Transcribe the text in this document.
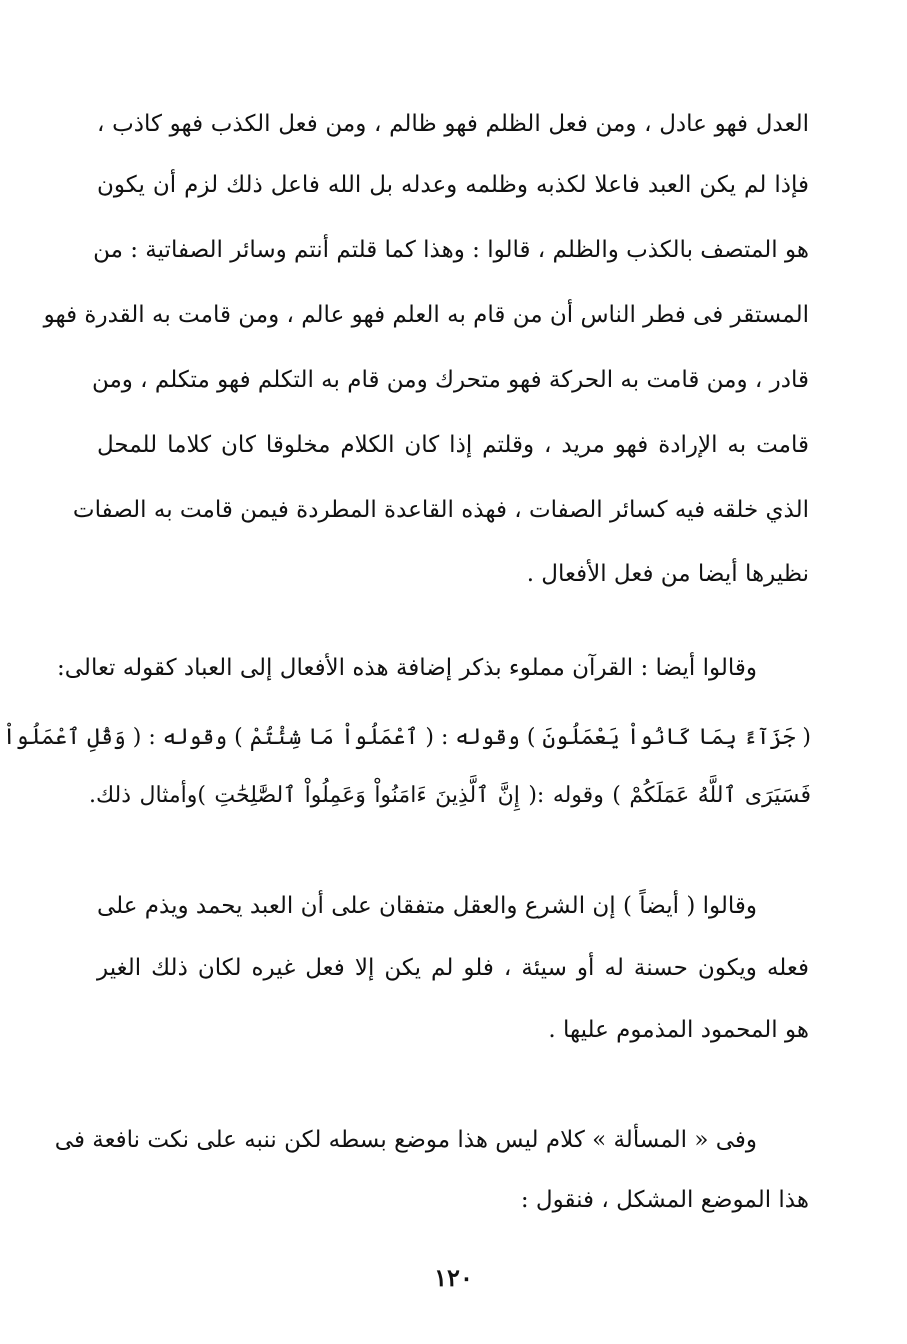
العدل فهو عادل ، ومن فعل الظلم فهو ظالم ، ومن فعل الكذب فهو كاذب ،
فإذا لم يكن العبد فاعلا لكذبه وظلمه وعدله بل الله فاعل ذلك لزم أن يكون
هو المتصف بالكذب والظلم ، قالوا : وهذا كما قلتم أنتم وسائر الصفاتية : من
المستقر فى فطر الناس أن من قام به العلم فهو عالم ، ومن قامت به القدرة فهو
قادر ، ومن قامت به الحركة فهو متحرك ومن قام به التكلم فهو متكلم ، ومن
قامت به الإرادة فهو مريد ، وقلتم إذا كان الكلام مخلوقا كان كلاما للمحل
الذي خلقه فيه كسائر الصفات ، فهذه القاعدة المطردة فيمن قامت به الصفات
نظيرها أيضا من فعل الأفعال .
وقالوا أيضا : القرآن مملوء بذكر إضافة هذه الأفعال إلى العباد كقوله تعالى:
( جَزَآءً بِمَا كَانُواْ يَعْمَلُونَ ) وقوله : ( ٱعْمَلُواْ مَا شِئْتُمْ ) وقوله : ( وَقُلِ ٱعْمَلُواْ
فَسَيَرَى ٱللَّهُ عَمَلَكُمْ ) وقوله :( إِنَّ ٱلَّذِينَ ءَامَنُواْ وَعَمِلُواْ ٱلصَّٰلِحَٰتِ )وأمثال ذلك.
وقالوا ( أيضاً ) إن الشرع والعقل متفقان على أن العبد يحمد ويذم على
فعله ويكون حسنة له أو سيئة ، فلو لم يكن إلا فعل غيره لكان ذلك الغير
هو المحمود المذموم عليها .
وفى « المسألة » كلام ليس هذا موضع بسطه لكن ننبه على نكت نافعة فى
هذا الموضع المشكل ، فنقول :
١٢٠
